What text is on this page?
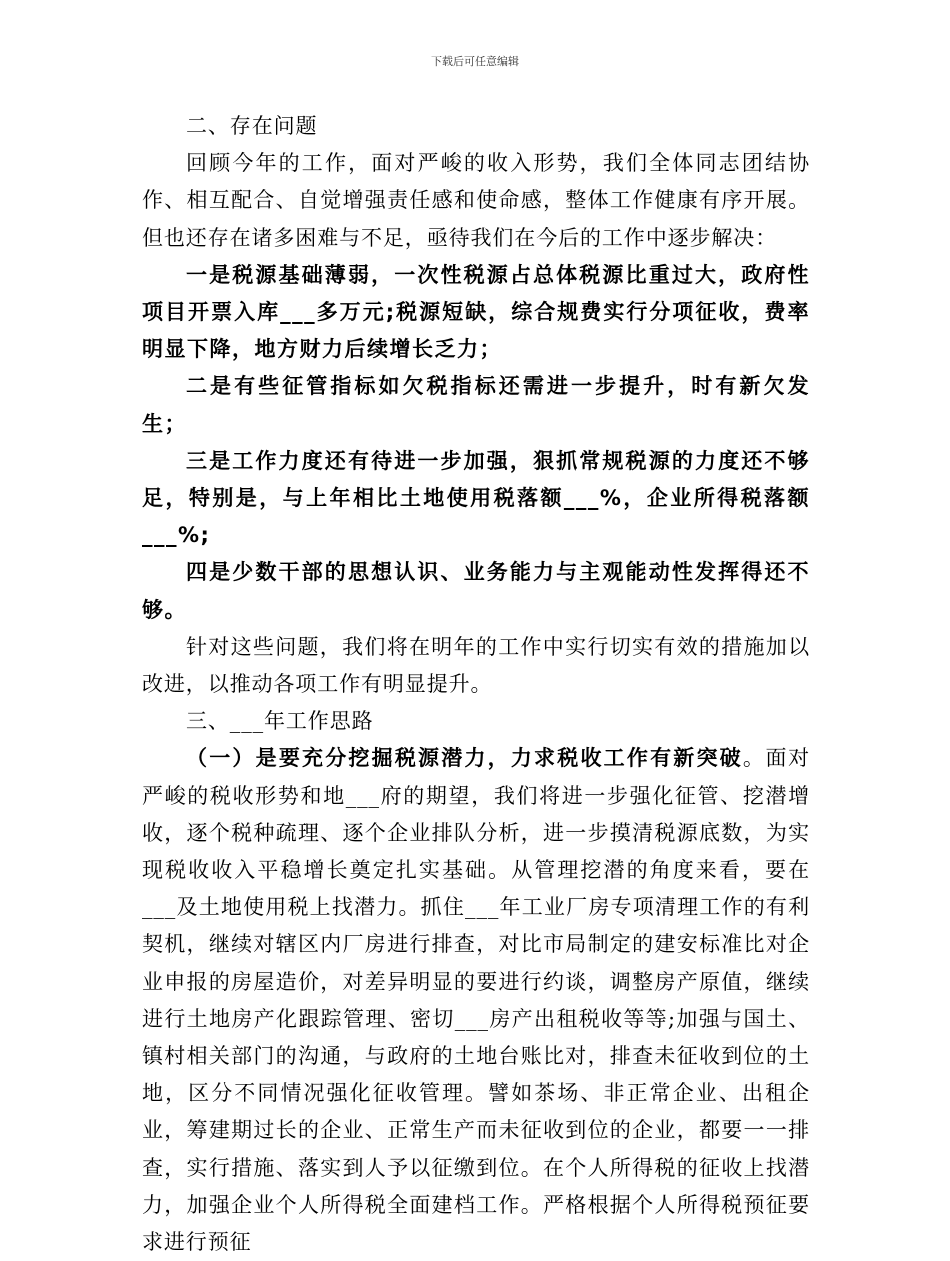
下载后可任意编辑

二、存在问题

回顾今年的工作，面对严峻的收入形势，我们全体同志团结协作、相互配合、自觉增强责任感和使命感，整体工作健康有序开展。但也还存在诸多困难与不足，亟待我们在今后的工作中逐步解决：

一是税源基础薄弱，一次性税源占总体税源比重过大，政府性项目开票入库___多万元;税源短缺，综合规费实行分项征收，费率明显下降，地方财力后续增长乏力；

二是有些征管指标如欠税指标还需进一步提升，时有新欠发生；

三是工作力度还有待进一步加强，狠抓常规税源的力度还不够足，特别是，与上年相比土地使用税落额___%，企业所得税落额___%;

四是少数干部的思想认识、业务能力与主观能动性发挥得还不够。

针对这些问题，我们将在明年的工作中实行切实有效的措施加以改进，以推动各项工作有明显提升。

三、___年工作思路

（一）是要充分挖掘税源潜力，力求税收工作有新突破。面对严峻的税收形势和地___府的期望，我们将进一步强化征管、挖潜增收，逐个税种疏理、逐个企业排队分析，进一步摸清税源底数，为实现税收收入平稳增长奠定扎实基础。从管理挖潜的角度来看，要在___及土地使用税上找潜力。抓住___年工业厂房专项清理工作的有利契机，继续对辖区内厂房进行排查，对比市局制定的建安标准比对企业申报的房屋造价，对差异明显的要进行约谈，调整房产原值，继续进行土地房产化跟踪管理、密切___房产出租税收等等;加强与国土、镇村相关部门的沟通，与政府的土地台账比对，排查未征收到位的土地，区分不同情况强化征收管理。譬如茶场、非正常企业、出租企业，筹建期过长的企业、正常生产而未征收到位的企业，都要一一排查，实行措施、落实到人予以征缴到位。在个人所得税的征收上找潜力，加强企业个人所得税全面建档工作。严格根据个人所得税预征要求进行预征
